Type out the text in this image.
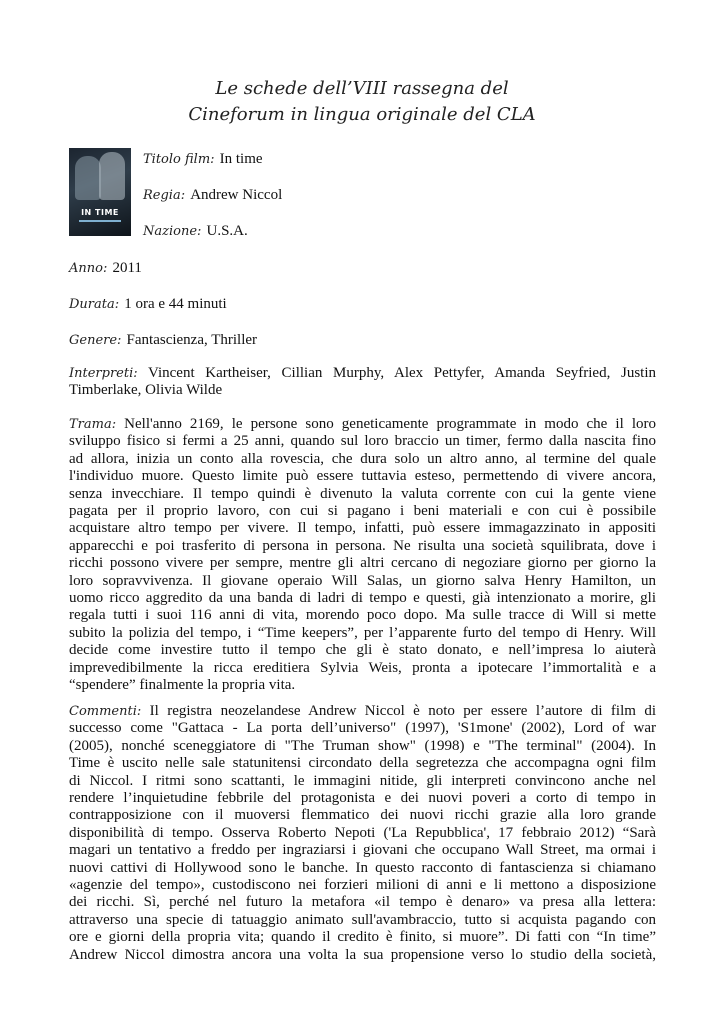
Le schede dell’VIII rassegna del
Cineforum in lingua originale del CLA
IN TIME
Titolo film: In time
Regia: Andrew Niccol
Nazione: U.S.A.
Anno: 2011
Durata: 1 ora e 44 minuti
Genere: Fantascienza, Thriller
Interpreti: Vincent Kartheiser, Cillian Murphy, Alex Pettyfer, Amanda Seyfried, Justin
Timberlake, Olivia Wilde
Trama: Nell'anno 2169, le persone sono geneticamente programmate in modo che il loro
sviluppo fisico si fermi a 25 anni, quando sul loro braccio un timer, fermo dalla nascita fino
ad allora, inizia un conto alla rovescia, che dura solo un altro anno, al termine del quale
l'individuo muore. Questo limite può essere tuttavia esteso, permettendo di vivere ancora,
senza invecchiare. Il tempo quindi è divenuto la valuta corrente con cui la gente viene
pagata per il proprio lavoro, con cui si pagano i beni materiali e con cui è possibile
acquistare altro tempo per vivere. Il tempo, infatti, può essere immagazzinato in appositi
apparecchi e poi trasferito di persona in persona. Ne risulta una società squilibrata, dove i
ricchi possono vivere per sempre, mentre gli altri cercano di negoziare giorno per giorno la
loro sopravvivenza. Il giovane operaio Will Salas, un giorno salva Henry Hamilton, un
uomo ricco aggredito da una banda di ladri di tempo e questi, già intenzionato a morire, gli
regala tutti i suoi 116 anni di vita, morendo poco dopo. Ma sulle tracce di Will si mette
subito la polizia del tempo, i “Time keepers”, per l’apparente furto del tempo di Henry. Will
decide come investire tutto il tempo che gli è stato donato, e nell’impresa lo aiuterà
imprevedibilmente la ricca ereditiera Sylvia Weis, pronta a ipotecare l’immortalità e a
“spendere” finalmente la propria vita.
Commenti: Il registra neozelandese Andrew Niccol è noto per essere l’autore di film di
successo come "Gattaca - La porta dell’universo" (1997), 'S1mone' (2002), Lord of war
(2005), nonché sceneggiatore di "The Truman show" (1998) e "The terminal" (2004). In
Time è uscito nelle sale statunitensi circondato della segretezza che accompagna ogni film
di Niccol. I ritmi sono scattanti, le immagini nitide, gli interpreti convincono anche nel
rendere l’inquietudine febbrile del protagonista e dei nuovi poveri a corto di tempo in
contrapposizione con il muoversi flemmatico dei nuovi ricchi grazie alla loro grande
disponibilità di tempo. Osserva Roberto Nepoti ('La Repubblica', 17 febbraio 2012) “Sarà
magari un tentativo a freddo per ingraziarsi i giovani che occupano Wall Street, ma ormai i
nuovi cattivi di Hollywood sono le banche. In questo racconto di fantascienza si chiamano
«agenzie del tempo», custodiscono nei forzieri milioni di anni e li mettono a disposizione
dei ricchi. Sì, perché nel futuro la metafora «il tempo è denaro» va presa alla lettera:
attraverso una specie di tatuaggio animato sull'avambraccio, tutto si acquista pagando con
ore e giorni della propria vita; quando il credito è finito, si muore”. Di fatti con “In time”
Andrew Niccol dimostra ancora una volta la sua propensione verso lo studio della società,
